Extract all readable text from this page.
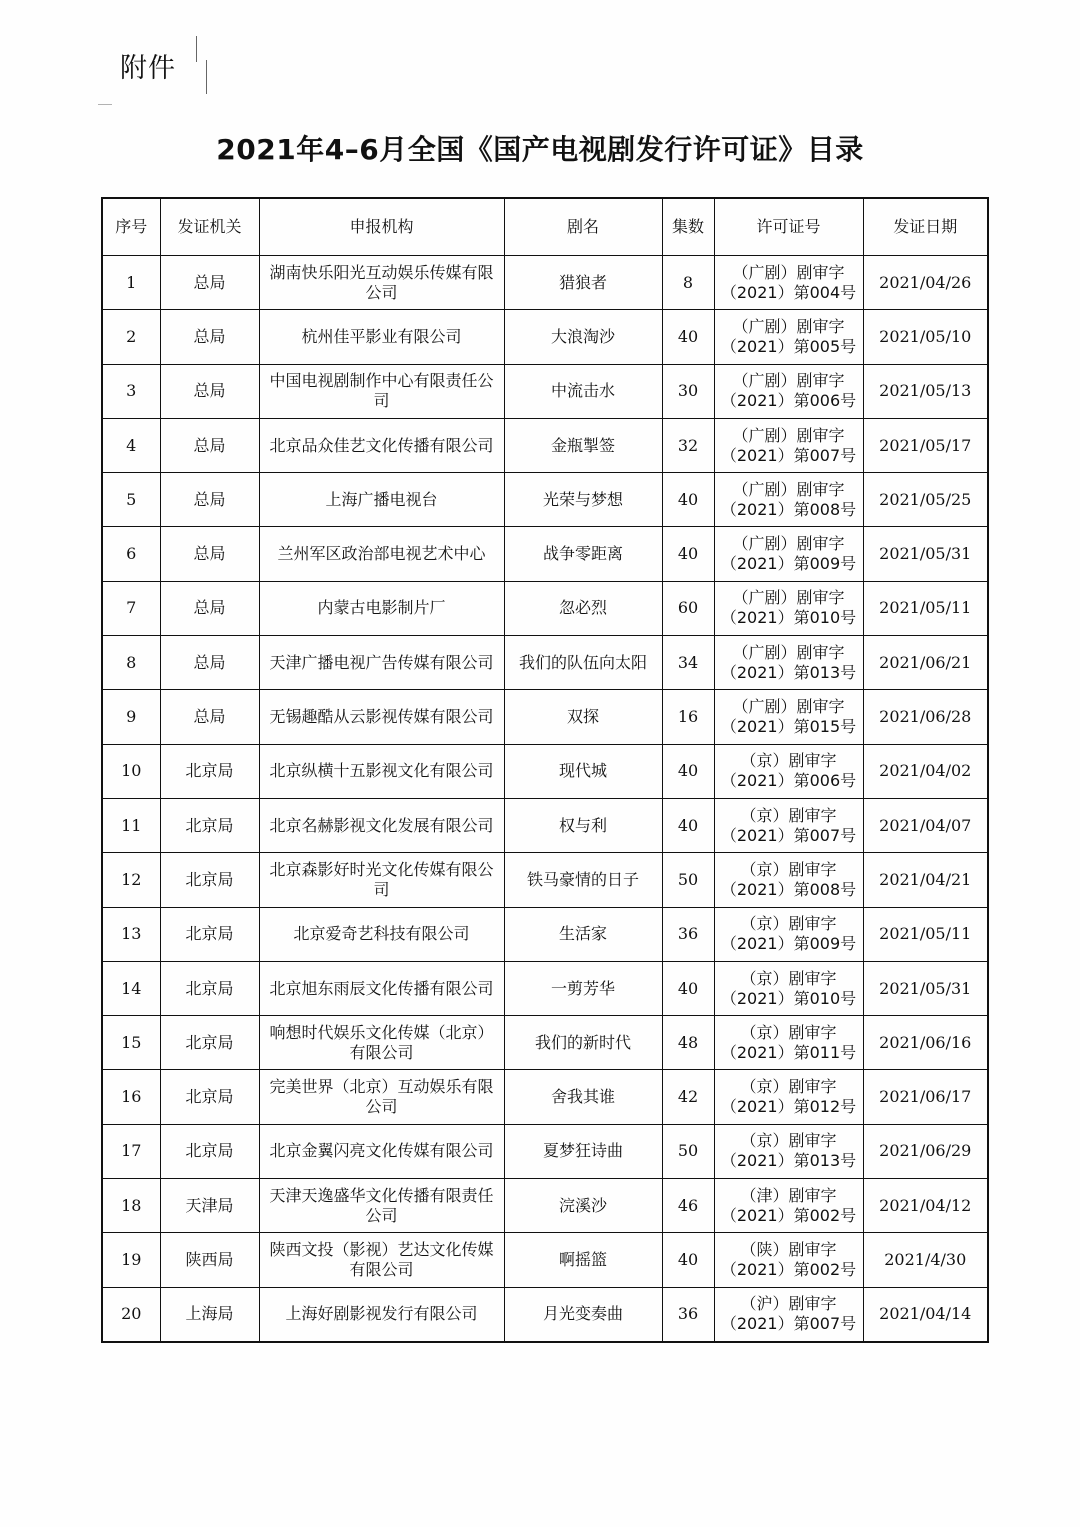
附件
2021年4–6月全国《国产电视剧发行许可证》目录
序号	发证机关	申报机构	剧名	集数	许可证号	发证日期
1	总局	湖南快乐阳光互动娱乐传媒有限公司	猎狼者	8	（广剧）剧审字（2021）第004号	2021/04/26
2	总局	杭州佳平影业有限公司	大浪淘沙	40	（广剧）剧审字（2021）第005号	2021/05/10
3	总局	中国电视剧制作中心有限责任公司	中流击水	30	（广剧）剧审字（2021）第006号	2021/05/13
4	总局	北京品众佳艺文化传播有限公司	金瓶掣签	32	（广剧）剧审字（2021）第007号	2021/05/17
5	总局	上海广播电视台	光荣与梦想	40	（广剧）剧审字（2021）第008号	2021/05/25
6	总局	兰州军区政治部电视艺术中心	战争零距离	40	（广剧）剧审字（2021）第009号	2021/05/31
7	总局	内蒙古电影制片厂	忽必烈	60	（广剧）剧审字（2021）第010号	2021/05/11
8	总局	天津广播电视广告传媒有限公司	我们的队伍向太阳	34	（广剧）剧审字（2021）第013号	2021/06/21
9	总局	无锡趣酷从云影视传媒有限公司	双探	16	（广剧）剧审字（2021）第015号	2021/06/28
10	北京局	北京纵横十五影视文化有限公司	现代城	40	（京）剧审字（2021）第006号	2021/04/02
11	北京局	北京名赫影视文化发展有限公司	权与利	40	（京）剧审字（2021）第007号	2021/04/07
12	北京局	北京森影好时光文化传媒有限公司	铁马豪情的日子	50	（京）剧审字（2021）第008号	2021/04/21
13	北京局	北京爱奇艺科技有限公司	生活家	36	（京）剧审字（2021）第009号	2021/05/11
14	北京局	北京旭东雨辰文化传播有限公司	一剪芳华	40	（京）剧审字（2021）第010号	2021/05/31
15	北京局	响想时代娱乐文化传媒（北京）有限公司	我们的新时代	48	（京）剧审字（2021）第011号	2021/06/16
16	北京局	完美世界（北京）互动娱乐有限公司	舍我其谁	42	（京）剧审字（2021）第012号	2021/06/17
17	北京局	北京金翼闪亮文化传媒有限公司	夏梦狂诗曲	50	（京）剧审字（2021）第013号	2021/06/29
18	天津局	天津天逸盛华文化传播有限责任公司	浣溪沙	46	（津）剧审字（2021）第002号	2021/04/12
19	陕西局	陕西文投（影视）艺达文化传媒有限公司	啊摇篮	40	（陕）剧审字（2021）第002号	2021/4/30
20	上海局	上海好剧影视发行有限公司	月光变奏曲	36	（沪）剧审字（2021）第007号	2021/04/14
